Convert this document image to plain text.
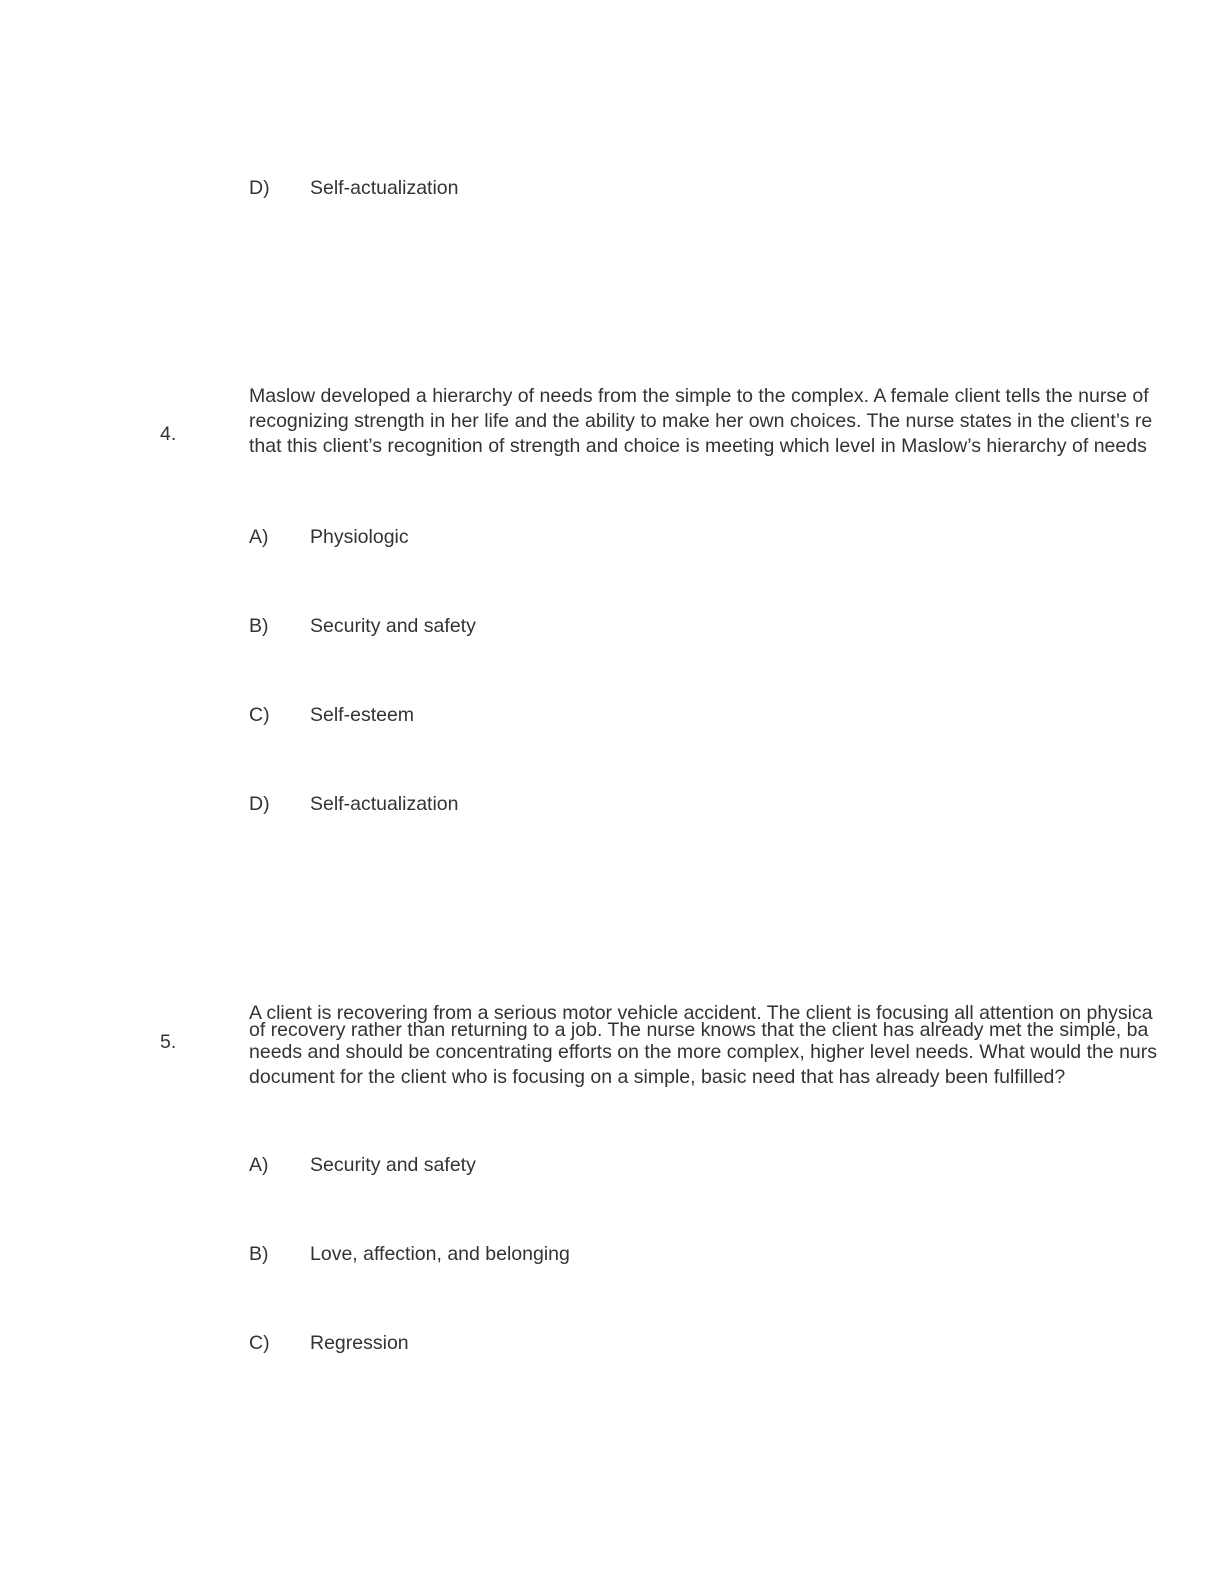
D) Self-actualization
4.
Maslow developed a hierarchy of needs from the simple to the complex. A female client tells the nurse of
recognizing strength in her life and the ability to make her own choices. The nurse states in the client’s re
that this client’s recognition of strength and choice is meeting which level in Maslow’s hierarchy of needs
A) Physiologic
B) Security and safety
C) Self-esteem
D) Self-actualization
5.
A client is recovering from a serious motor vehicle accident. The client is focusing all attention on physica
of recovery rather than returning to a job. The nurse knows that the client has already met the simple, ba
needs and should be concentrating efforts on the more complex, higher level needs. What would the nurs
document for the client who is focusing on a simple, basic need that has already been fulfilled?
A) Security and safety
B) Love, affection, and belonging
C) Regression
